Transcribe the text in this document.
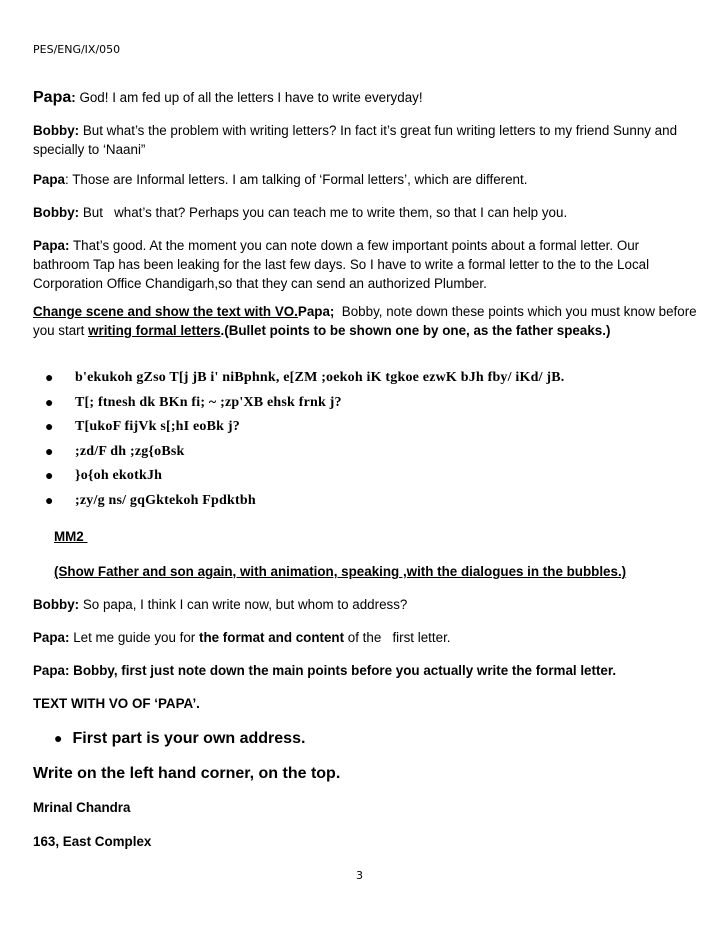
PES/ENG/IX/050
Papa: God! I am fed up of all the letters I have to write everyday!
Bobby: But what’s the problem with writing letters? In fact it’s great fun writing letters to my friend Sunny and specially to ‘Naani”
Papa: Those are Informal letters. I am talking of ‘Formal letters’, which are different.
Bobby: But   what’s that? Perhaps you can teach me to write them, so that I can help you.
Papa: That’s good. At the moment you can note down a few important points about a formal letter. Our bathroom Tap has been leaking for the last few days. So I have to write a formal letter to the to the Local Corporation Office Chandigarh,so that they can send an authorized Plumber.
Change scene and show the text with VO.Papa;  Bobby, note down these points which you must know before you start writing formal letters.(Bullet points to be shown one by one, as the father speaks.)
● b'ekukoh gZso T[j jB i' niBphnk, e[ZM ;oekoh iK tgkoe ezwK bJh fby/ iKd/ jB.
● T[; ftnesh dk BKn fi; ~ ;zp'XB ehsk frnk j?
● T[ukoF fijVk s[;hI eoBk j?
● ;zd/F dh ;zg{oBsk
● }o{oh ekotkJh
● ;zy/g ns/ gqGktekoh Fpdktbh
MM2
(Show Father and son again, with animation, speaking ,with the dialogues in the bubbles.)
Bobby: So papa, I think I can write now, but whom to address?
Papa: Let me guide you for the format and content of the   first letter.
Papa: Bobby, first just note down the main points before you actually write the formal letter.
TEXT WITH VO OF ‘PAPA’.
● First part is your own address.
Write on the left hand corner, on the top.
Mrinal Chandra
163, East Complex
3
